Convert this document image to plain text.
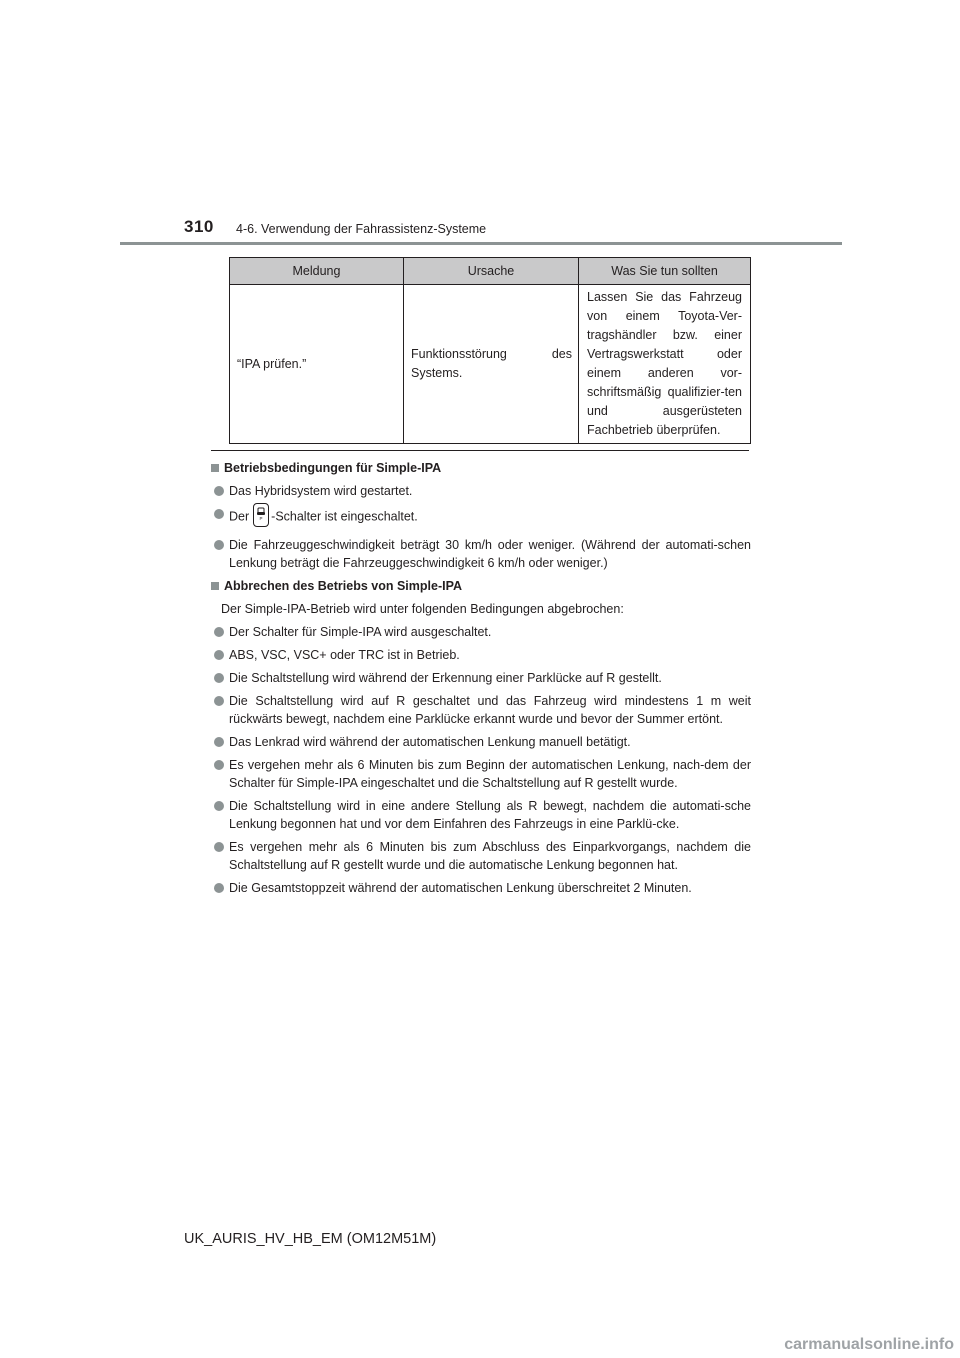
310 4-6. Verwendung der Fahrassistenz-Systeme
Meldung	Ursache	Was Sie tun sollten
“IPA prüfen.”	Funktionsstörung des Systems.	Lassen Sie das Fahrzeug von einem Toyota-Ver-tragshändler bzw. einer Vertragswerkstatt oder einem anderen vor-schriftsmäßig qualifizier-ten und ausgerüsteten Fachbetrieb überprüfen.
Betriebsbedingungen für Simple-IPA
Das Hybridsystem wird gestartet.
Der P -Schalter ist eingeschaltet.
Die Fahrzeuggeschwindigkeit beträgt 30 km/h oder weniger. (Während der automati-schen Lenkung beträgt die Fahrzeuggeschwindigkeit 6 km/h oder weniger.)
Abbrechen des Betriebs von Simple-IPA
Der Simple-IPA-Betrieb wird unter folgenden Bedingungen abgebrochen:
Der Schalter für Simple-IPA wird ausgeschaltet.
ABS, VSC, VSC+ oder TRC ist in Betrieb.
Die Schaltstellung wird während der Erkennung einer Parklücke auf R gestellt.
Die Schaltstellung wird auf R geschaltet und das Fahrzeug wird mindestens 1 m weit rückwärts bewegt, nachdem eine Parklücke erkannt wurde und bevor der Summer ertönt.
Das Lenkrad wird während der automatischen Lenkung manuell betätigt.
Es vergehen mehr als 6 Minuten bis zum Beginn der automatischen Lenkung, nach-dem der Schalter für Simple-IPA eingeschaltet und die Schaltstellung auf R gestellt wurde.
Die Schaltstellung wird in eine andere Stellung als R bewegt, nachdem die automati-sche Lenkung begonnen hat und vor dem Einfahren des Fahrzeugs in eine Parklü-cke.
Es vergehen mehr als 6 Minuten bis zum Abschluss des Einparkvorgangs, nachdem die Schaltstellung auf R gestellt wurde und die automatische Lenkung begonnen hat.
Die Gesamtstoppzeit während der automatischen Lenkung überschreitet 2 Minuten.
UK_AURIS_HV_HB_EM (OM12M51M)
carmanualsonline.info
